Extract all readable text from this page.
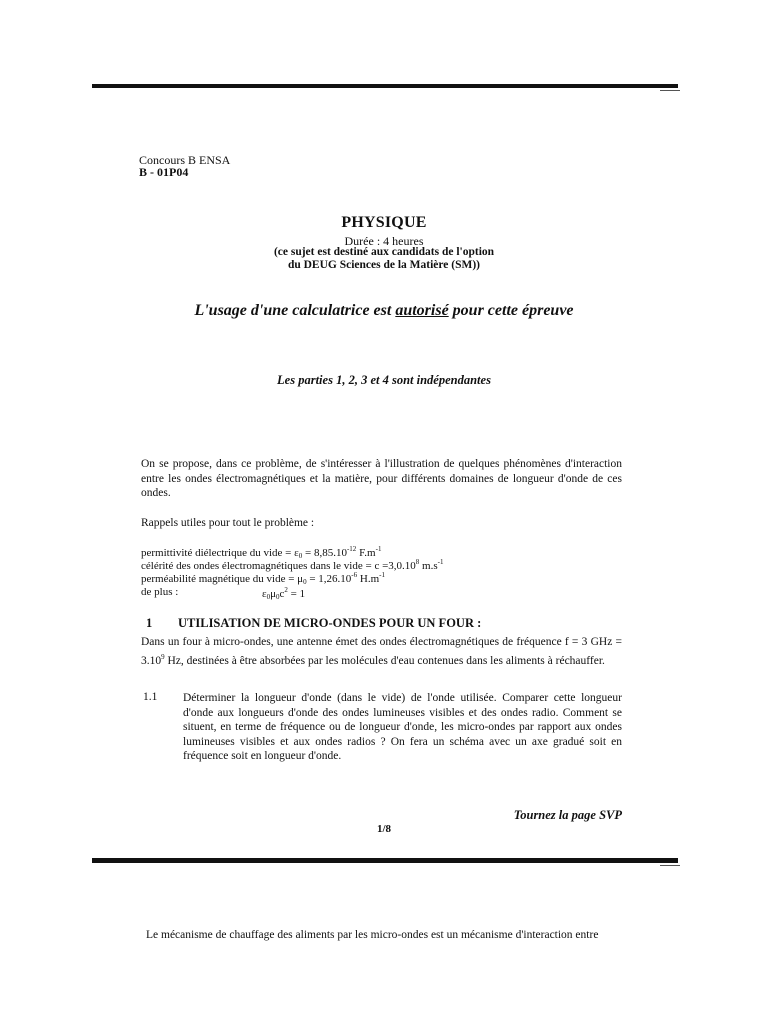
Concours B ENSA
B - 01P04
PHYSIQUE
Durée : 4 heures
(ce sujet est destiné aux candidats de l'option
du DEUG Sciences de la Matière (SM))
L'usage d'une calculatrice est autorisé pour cette épreuve
Les parties 1, 2, 3 et 4 sont indépendantes
On se propose, dans ce problème, de s'intéresser à l'illustration de quelques phénomènes d'interaction entre les ondes électromagnétiques et la matière, pour différents domaines de longueur d'onde de ces ondes.
Rappels utiles pour tout le problème :
permittivité diélectrique du vide = $\varepsilon_0 = 8,85.10^{-12}$ $F.m^{-1}$
célérité des ondes électromagnétiques dans le vide = $c =3,0.10^8$ $m.s^{-1}$
perméabilité magnétique du vide = $\mu_0 = 1,26.10^{-6}$ $H.m^{-1}$
de plus :	$\varepsilon_0\mu_0c^2 = 1$
1 UTILISATION DE MICRO-ONDES POUR UN FOUR :
Dans un four à micro-ondes, une antenne émet des ondes électromagnétiques de fréquence f = 3 GHz = $3.10^9$ Hz, destinées à être absorbées par les molécules d'eau contenues dans les aliments à réchauffer.
1.1 Déterminer la longueur d'onde (dans le vide) de l'onde utilisée. Comparer cette longueur d'onde aux longueurs d'onde des ondes lumineuses visibles et des ondes radio. Comment se situent, en terme de fréquence ou de longueur d'onde, les micro-ondes par rapport aux ondes lumineuses visibles et aux ondes radios ? On fera un schéma avec un axe gradué soit en fréquence soit en longueur d'onde.
Tournez la page SVP
1/8
Le mécanisme de chauffage des aliments par les micro-ondes est un mécanisme d'interaction entre
